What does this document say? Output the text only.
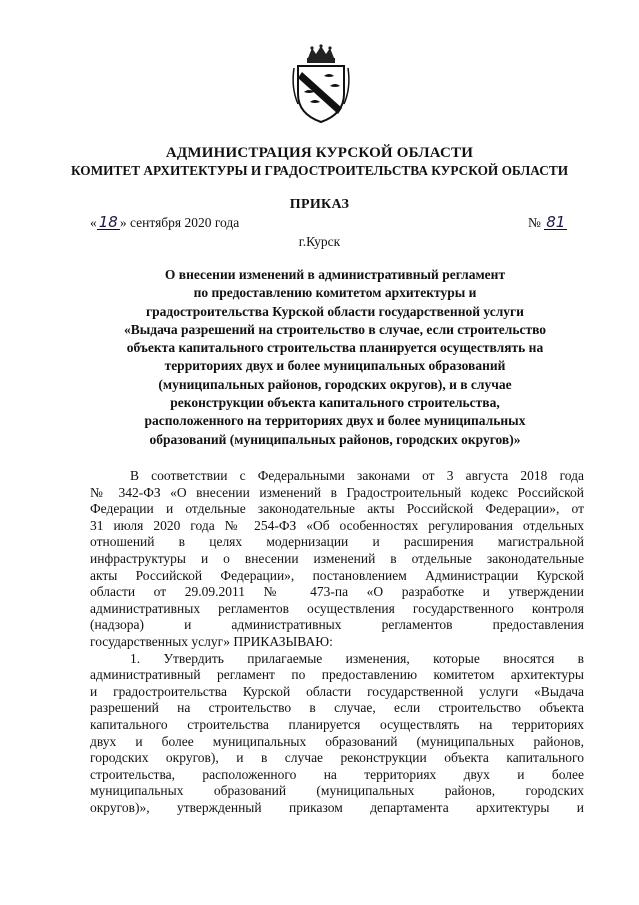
АДМИНИСТРАЦИЯ КУРСКОЙ ОБЛАСТИ
КОМИТЕТ АРХИТЕКТУРЫ И ГРАДОСТРОИТЕЛЬСТВА КУРСКОЙ ОБЛАСТИ
ПРИКАЗ
« 18 » сентября 2020 года	№ 81
г.Курск
О внесении изменений в административный регламент
по предоставлению комитетом архитектуры и
градостроительства Курской области государственной услуги
«Выдача разрешений на строительство в случае, если строительство
объекта капитального строительства планируется осуществлять на
территориях двух и более муниципальных образований
(муниципальных районов, городских округов), и в случае
реконструкции объекта капитального строительства,
расположенного на территориях двух и более муниципальных
образований (муниципальных районов, городских округов)»
В соответствии с Федеральными законами от 3 августа 2018 года
№ 342-ФЗ «О внесении изменений в Градостроительный кодекс Российской
Федерации и отдельные законодательные акты Российской Федерации», от
31 июля 2020 года № 254-ФЗ «Об особенностях регулирования отдельных
отношений в целях модернизации и расширения магистральной
инфраструктуры и о внесении изменений в отдельные законодательные
акты Российской Федерации», постановлением Администрации Курской
области от 29.09.2011 № 473-па «О разработке и утверждении
административных регламентов осуществления государственного контроля
(надзора) и административных регламентов предоставления
государственных услуг» ПРИКАЗЫВАЮ:
1. Утвердить прилагаемые изменения, которые вносятся в
административный регламент по предоставлению комитетом архитектуры
и градостроительства Курской области государственной услуги «Выдача
разрешений на строительство в случае, если строительство объекта
капитального строительства планируется осуществлять на территориях
двух и более муниципальных образований (муниципальных районов,
городских округов), и в случае реконструкции объекта капитального
строительства, расположенного на территориях двух и более
муниципальных образований (муниципальных районов, городских
округов)», утвержденный приказом департамента архитектуры и
